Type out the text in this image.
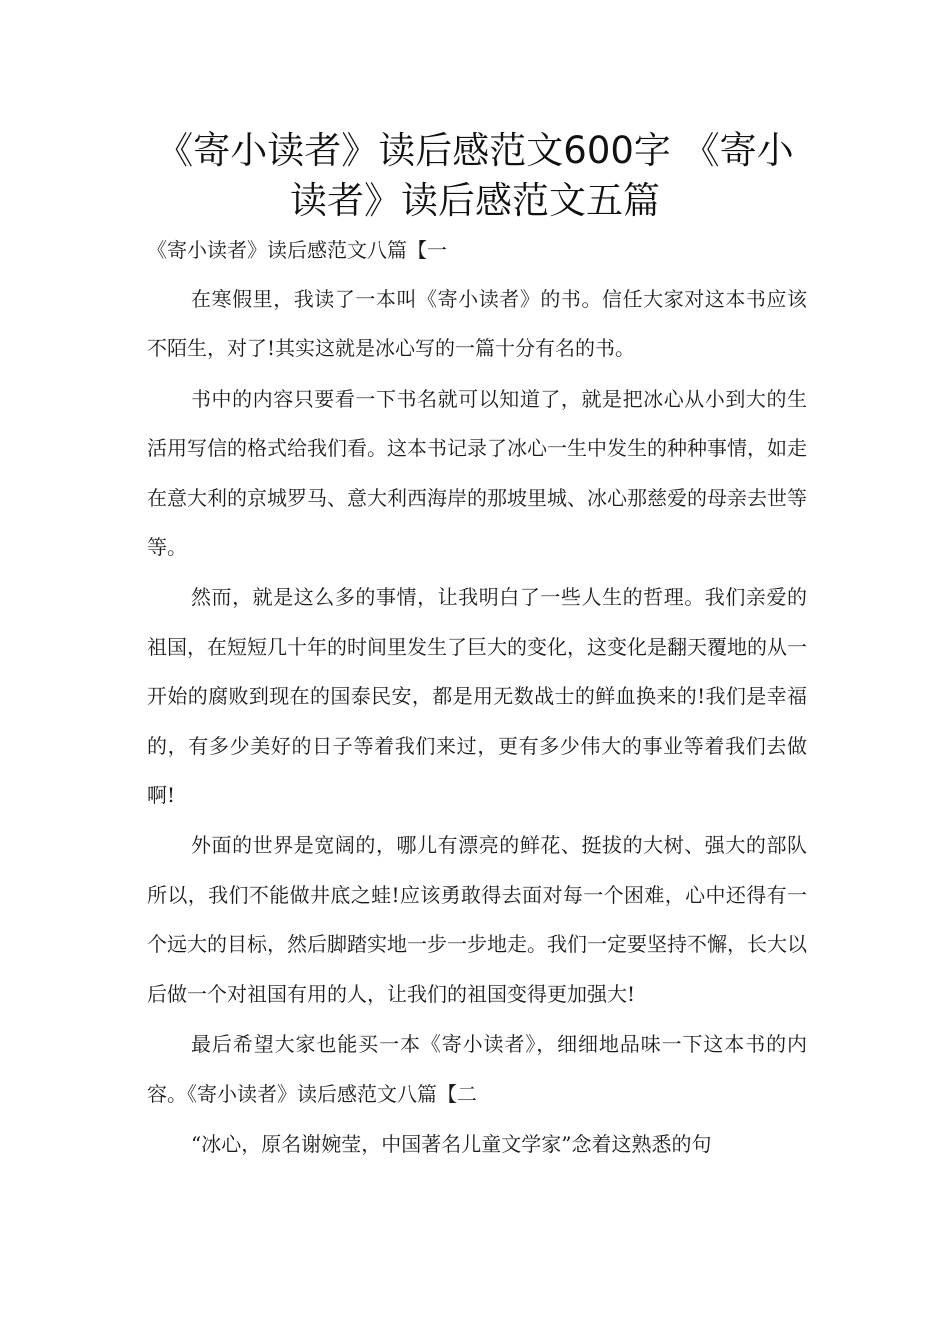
《寄小读者》读后感范文600字 《寄小读者》读后感范文五篇

《寄小读者》读后感范文八篇【一

在寒假里，我读了一本叫《寄小读者》的书。信任大家对这本书应该不陌生，对了!其实这就是冰心写的一篇十分有名的书。

书中的内容只要看一下书名就可以知道了，就是把冰心从小到大的生活用写信的格式给我们看。这本书记录了冰心一生中发生的种种事情，如走在意大利的京城罗马、意大利西海岸的那坡里城、冰心那慈爱的母亲去世等等。

然而，就是这么多的事情，让我明白了一些人生的哲理。我们亲爱的祖国，在短短几十年的时间里发生了巨大的变化，这变化是翻天覆地的从一开始的腐败到现在的国泰民安，都是用无数战士的鲜血换来的!我们是幸福的，有多少美好的日子等着我们来过，更有多少伟大的事业等着我们去做啊!

外面的世界是宽阔的，哪儿有漂亮的鲜花、挺拔的大树、强大的部队所以，我们不能做井底之蛙!应该勇敢得去面对每一个困难，心中还得有一个远大的目标，然后脚踏实地一步一步地走。我们一定要坚持不懈，长大以后做一个对祖国有用的人，让我们的祖国变得更加强大!

最后希望大家也能买一本《寄小读者》，细细地品味一下这本书的内容。《寄小读者》读后感范文八篇【二

“冰心，原名谢婉莹，中国著名儿童文学家”念着这熟悉的句
